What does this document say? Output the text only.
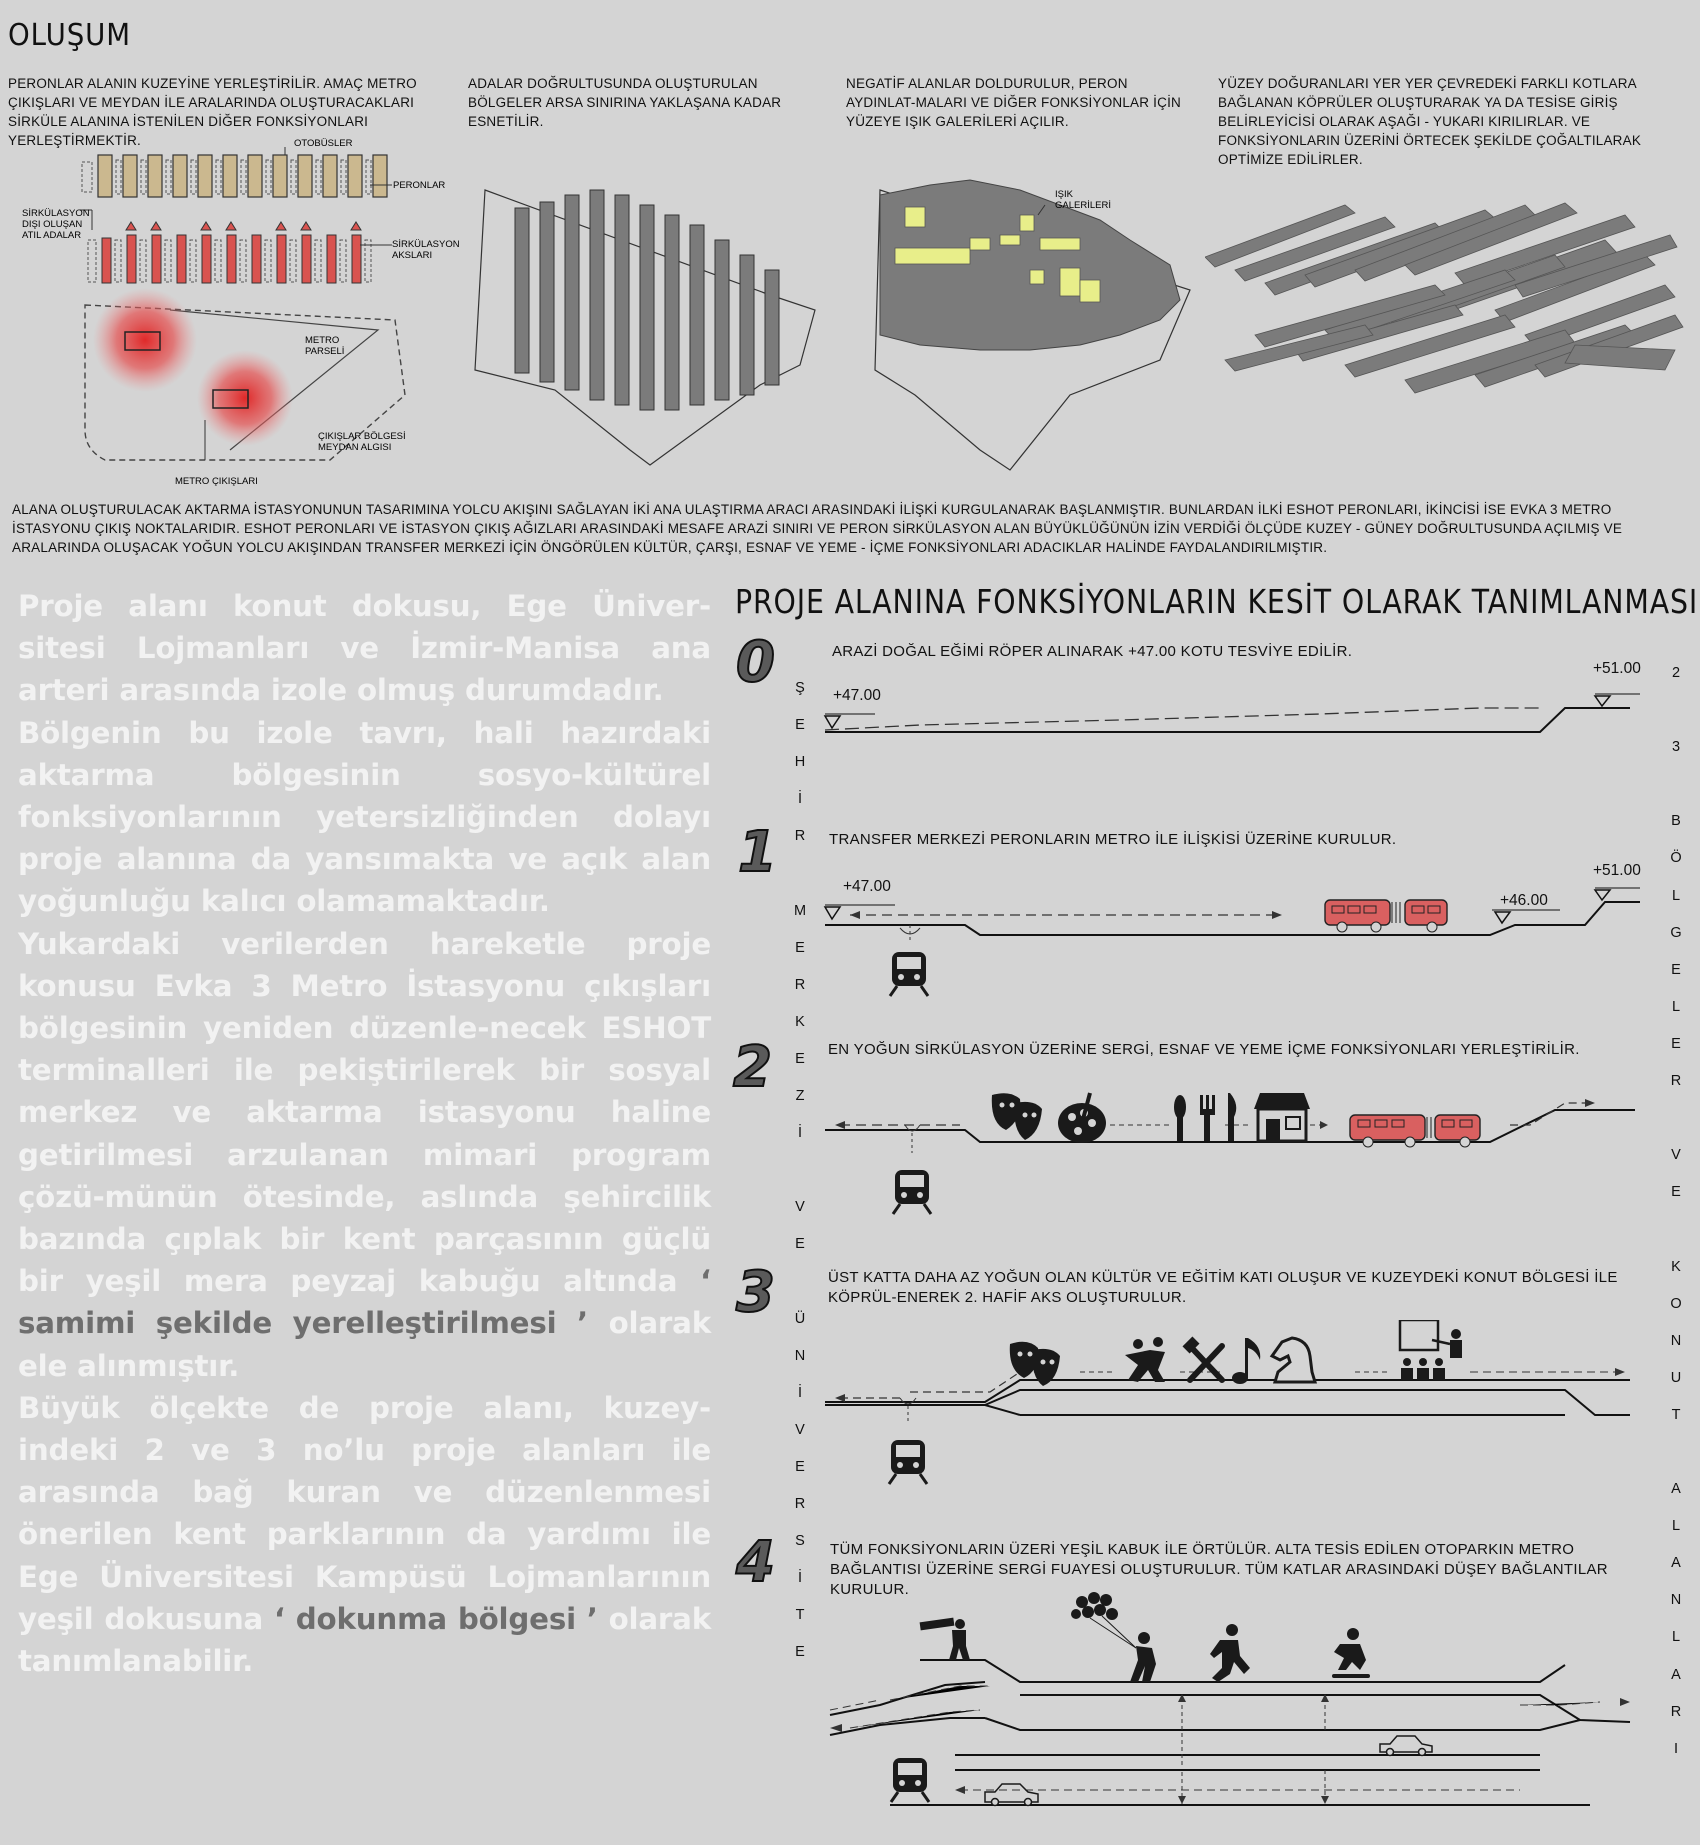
OLUŞUM
PERONLAR ALANIN KUZEYİNE YERLEŞTİRİLİR. AMAÇ METRO ÇIKIŞLARI VE MEYDAN İLE ARALARINDA OLUŞTURACAKLARI SİRKÜLE ALANINA İSTENİLEN DİĞER FONKSİYONLARI YERLEŞTİRMEKTİR.
ADALAR DOĞRULTUSUNDA OLUŞTURULAN BÖLGELER ARSA SINIRINA YAKLAŞANA KADAR ESNETİLİR.
NEGATİF ALANLAR DOLDURULUR, PERON AYDINLAT-MALARI VE DİĞER FONKSİYONLAR İÇİN YÜZEYE IŞIK GALERİLERİ AÇILIR.
YÜZEY DOĞURANLARI YER YER ÇEVREDEKİ FARKLI KOTLARA BAĞLANAN KÖPRÜLER OLUŞTURARAK YA DA TESİSE GİRİŞ BELİRLEYİCİSİ OLARAK AŞAĞI - YUKARI KIRILIRLAR. VE FONKSİYONLARIN ÜZERİNİ ÖRTECEK ŞEKİLDE ÇOĞALTILARAK OPTİMİZE EDİLİRLER.
OTOBÜSLER
PERONLAR
SİRKÜLASYON
DIŞI OLUŞAN
ATIL ADALAR
SİRKÜLASYON
AKSLARI
METRO
PARSELİ
ÇIKIŞLAR BÖLGESİ
MEYDAN ALGISI
METRO ÇIKIŞLARI
IŞIK
GALERİLERİ
ALANA OLUŞTURULACAK AKTARMA İSTASYONUNUN TASARIMINA YOLCU AKIŞINI SAĞLAYAN İKİ ANA ULAŞTIRMA ARACI ARASINDAKİ İLİŞKİ KURGULANARAK BAŞLANMIŞTIR. BUNLARDAN İLKİ ESHOT PERONLARI, İKİNCİSİ İSE EVKA 3 METRO İSTASYONU ÇIKIŞ NOKTALARIDIR. ESHOT PERONLARI VE İSTASYON ÇIKIŞ AĞIZLARI ARASINDAKİ MESAFE ARAZİ SINIRI VE PERON SİRKÜLASYON ALAN BÜYÜKLÜĞÜNÜN İZİN VERDİĞİ ÖLÇÜDE KUZEY - GÜNEY DOĞRULTUSUNDA AÇILMIŞ VE ARALARINDA OLUŞACAK YOĞUN YOLCU AKIŞINDAN TRANSFER MERKEZİ İÇİN ÖNGÖRÜLEN KÜLTÜR, ÇARŞI, ESNAF VE YEME - İÇME FONKSİYONLARI ADACIKLAR HALİNDE FAYDALANDIRILMIŞTIR.
Proje alanı konut dokusu, Ege Üniver-sitesi Lojmanları ve İzmir-Manisa ana arteri arasında izole olmuş durumdadır.
Bölgenin bu izole tavrı, hali hazırdaki aktarma bölgesinin sosyo-kültürel fonksiyonlarının yetersizliğinden dolayı proje alanına da yansımakta ve açık alan yoğunluğu kalıcı olamamaktadır.
Yukardaki verilerden hareketle proje konusu Evka 3 Metro İstasyonu çıkışları bölgesinin yeniden düzenle-necek ESHOT terminalleri ile pekiştirilerek bir sosyal merkez ve aktarma istasyonu haline getirilmesi arzulanan mimari program çözü-münün ötesinde, aslında şehircilik bazında çıplak bir kent parçasının güçlü bir yeşil mera peyzaj kabuğu altında ‘ samimi şekilde yerelleştirilmesi ’ olarak ele alınmıştır.
Büyük ölçekte de proje alanı, kuzey-indeki 2 ve 3 no’lu proje alanları ile arasında bağ kuran ve düzenlenmesi önerilen kent parklarının da yardımı ile Ege Üniversitesi Kampüsü Lojmanlarının yeşil dokusuna ‘ dokunma bölgesi ’ olarak tanımlanabilir.
PROJE ALANINA FONKSİYONLARIN KESİT OLARAK TANIMLANMASI
0
1
2
3
4
ARAZİ DOĞAL EĞİMİ RÖPER ALINARAK +47.00 KOTU TESVİYE EDİLİR.
TRANSFER MERKEZİ PERONLARIN METRO İLE İLİŞKİSİ ÜZERİNE KURULUR.
EN YOĞUN SİRKÜLASYON ÜZERİNE SERGİ, ESNAF VE YEME İÇME FONKSİYONLARI YERLEŞTİRİLİR.
ÜST KATTA DAHA AZ YOĞUN OLAN KÜLTÜR VE EĞİTİM KATI OLUŞUR VE KUZEYDEKİ KONUT BÖLGESİ İLE KÖPRÜL-ENEREK 2. HAFİF AKS OLUŞTURULUR.
TÜM FONKSİYONLARIN ÜZERİ YEŞİL KABUK İLE ÖRTÜLÜR. ALTA TESİS EDİLEN OTOPARKIN METRO BAĞLANTISI ÜZERİNE SERGİ FUAYESİ OLUŞTURULUR. TÜM KATLAR ARASINDAKİ DÜŞEY BAĞLANTILAR KURULUR.
Ş
E
H
İ
R
M
E
R
K
E
Z
İ
V
E
Ü
N
İ
V
E
R
S
İ
T
E
2
3
B
Ö
L
G
E
L
E
R
V
E
K
O
N
U
T
A
L
A
N
L
A
R
I
+47.00
+51.00
+47.00
+46.00
+51.00
